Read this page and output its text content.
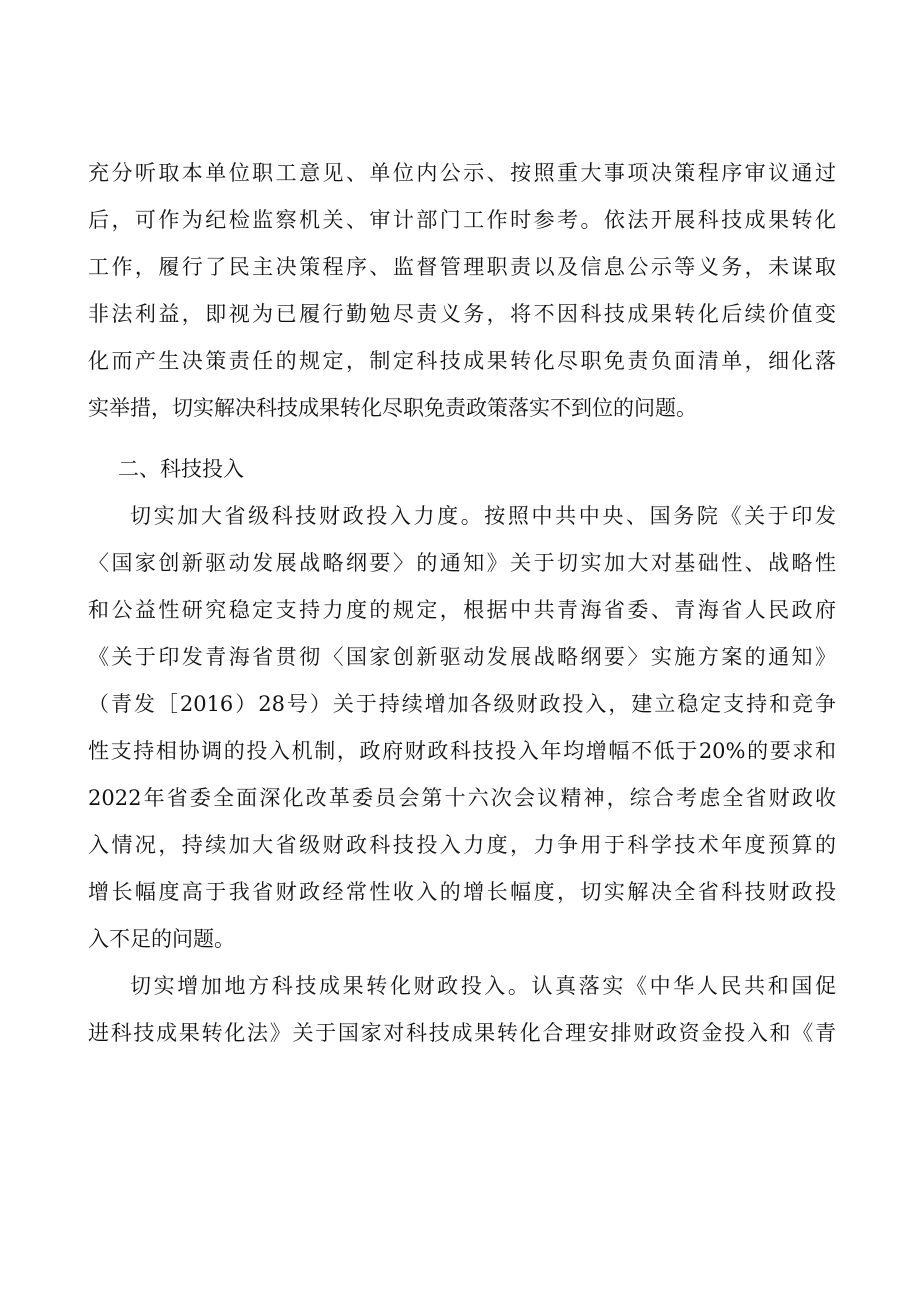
充分听取本单位职工意见、单位内公示、按照重大事项决策程序审议通过
后，可作为纪检监察机关、审计部门工作时参考。依法开展科技成果转化
工作，履行了民主决策程序、监督管理职责以及信息公示等义务，未谋取
非法利益，即视为已履行勤勉尽责义务，将不因科技成果转化后续价值变
化而产生决策责任的规定，制定科技成果转化尽职免责负面清单，细化落
实举措，切实解决科技成果转化尽职免责政策落实不到位的问题。
二、科技投入
切实加大省级科技财政投入力度。按照中共中央、国务院《关于印发
〈国家创新驱动发展战略纲要〉的通知》关于切实加大对基础性、战略性
和公益性研究稳定支持力度的规定，根据中共青海省委、青海省人民政府
《关于印发青海省贯彻〈国家创新驱动发展战略纲要〉实施方案的通知》
（青发［2016）28号）关于持续增加各级财政投入，建立稳定支持和竞争
性支持相协调的投入机制，政府财政科技投入年均增幅不低于20%的要求和
2022年省委全面深化改革委员会第十六次会议精神，综合考虑全省财政收
入情况，持续加大省级财政科技投入力度，力争用于科学技术年度预算的
增长幅度高于我省财政经常性收入的增长幅度，切实解决全省科技财政投
入不足的问题。
切实增加地方科技成果转化财政投入。认真落实《中华人民共和国促
进科技成果转化法》关于国家对科技成果转化合理安排财政资金投入和《青
